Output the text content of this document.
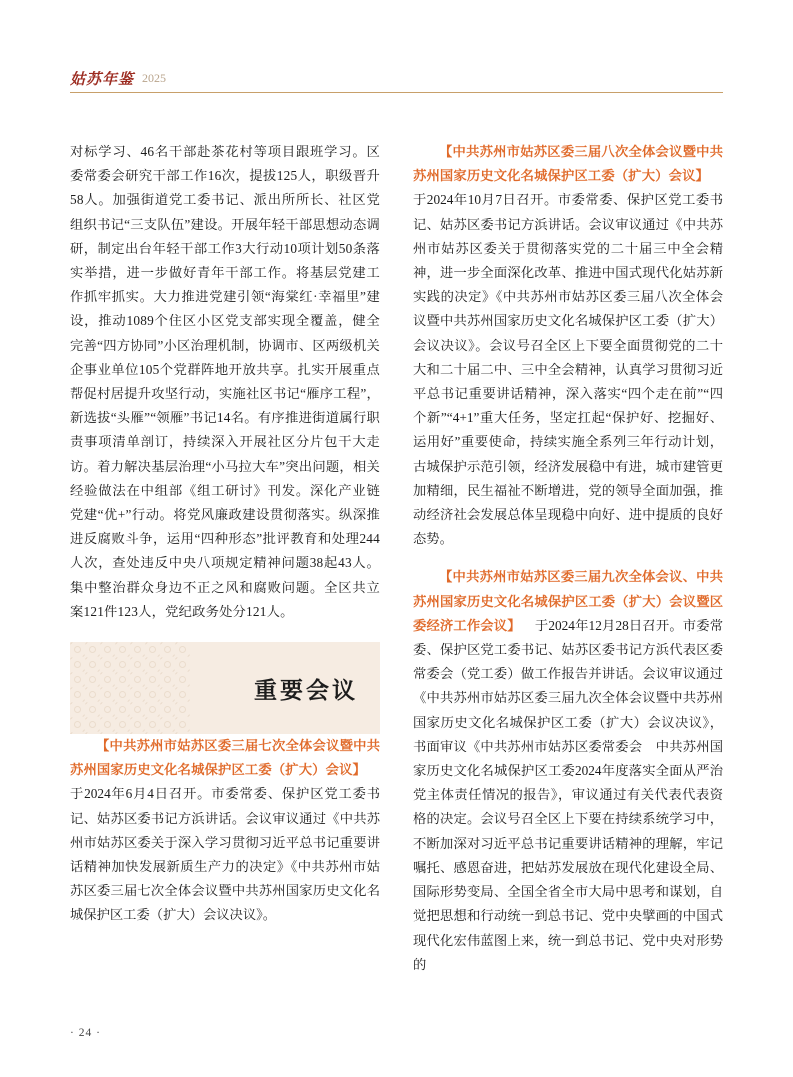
姑苏年鉴 2025

对标学习、46名干部赴茶花村等项目跟班学习。区委常委会研究干部工作16次，提拔125人，职级晋升58人。加强街道党工委书记、派出所所长、社区党组织书记“三支队伍”建设。开展年轻干部思想动态调研，制定出台年轻干部工作3大行动10项计划50条落实举措，进一步做好青年干部工作。将基层党建工作抓牢抓实。大力推进党建引领“海棠红·幸福里”建设，推动1089个住区小区党支部实现全覆盖，健全完善“四方协同”小区治理机制，协调市、区两级机关企事业单位105个党群阵地开放共享。扎实开展重点帮促村居提升攻坚行动，实施社区书记“雁序工程”，新选拔“头雁”“领雁”书记14名。有序推进街道属行职责事项清单剖订，持续深入开展社区分片包干大走访。着力解决基层治理“小马拉大车”突出问题，相关经验做法在中组部《组工研讨》刊发。深化产业链党建“优+”行动。将党风廉政建设贯彻落实。纵深推进反腐败斗争，运用“四种形态”批评教育和处理244人次，查处违反中央八项规定精神问题38起43人。集中整治群众身边不正之风和腐败问题。全区共立案121件123人，党纪政务处分121人。

重要会议
【中共苏州市姑苏区委三届七次全体会议暨中共苏州国家历史文化名城保护区工委（扩大）会议】于2024年6月4日召开。市委常委、保护区党工委书记、姑苏区委书记方浜讲话。会议审议通过《中共苏州市姑苏区委关于深入学习贯彻习近平总书记重要讲话精神加快发展新质生产力的决定》《中共苏州市姑苏区委三届七次全体会议暨中共苏州国家历史文化名城保护区工委（扩大）会议决议》。
【中共苏州市姑苏区委三届八次全体会议暨中共苏州国家历史文化名城保护区工委（扩大）会议】于2024年10月7日召开。市委常委、保护区党工委书记、姑苏区委书记方浜讲话。会议审议通过《中共苏州市姑苏区委关于贯彻落实党的二十届三中全会精神，进一步全面深化改革、推进中国式现代化姑苏新实践的决定》《中共苏州市姑苏区委三届八次全体会议暨中共苏州国家历史文化名城保护区工委（扩大）会议决议》。会议号召全区上下要全面贯彻党的二十大和二十届二中、三中全会精神，认真学习贯彻习近平总书记重要讲话精神，深入落实“四个走在前”“四个新”“4+1”重大任务，坚定扛起“保护好、挖掘好、运用好”重要使命，持续实施全系列三年行动计划，古城保护示范引领，经济发展稳中有进，城市建管更加精细，民生福祉不断增进，党的领导全面加强，推动经济社会发展总体呈现稳中向好、进中提质的良好态势。
【中共苏州市姑苏区委三届九次全体会议、中共苏州国家历史文化名城保护区工委（扩大）会议暨区委经济工作会议】 于2024年12月28日召开。市委常委、保护区党工委书记、姑苏区委书记方浜代表区委常委会（党工委）做工作报告并讲话。会议审议通过《中共苏州市姑苏区委三届九次全体会议暨中共苏州国家历史文化名城保护区工委（扩大）会议决议》，书面审议《中共苏州市姑苏区委常委会　中共苏州国家历史文化名城保护区工委2024年度落实全面从严治党主体责任情况的报告》，审议通过有关代表代表资格的决定。会议号召全区上下要在持续系统学习中，不断加深对习近平总书记重要讲话精神的理解，牢记嘱托、感恩奋进，把姑苏发展放在现代化建设全局、国际形势变局、全国全省全市大局中思考和谋划，自觉把思想和行动统一到总书记、党中央擘画的中国式现代化宏伟蓝图上来，统一到总书记、党中央对形势的
· 24 ·
